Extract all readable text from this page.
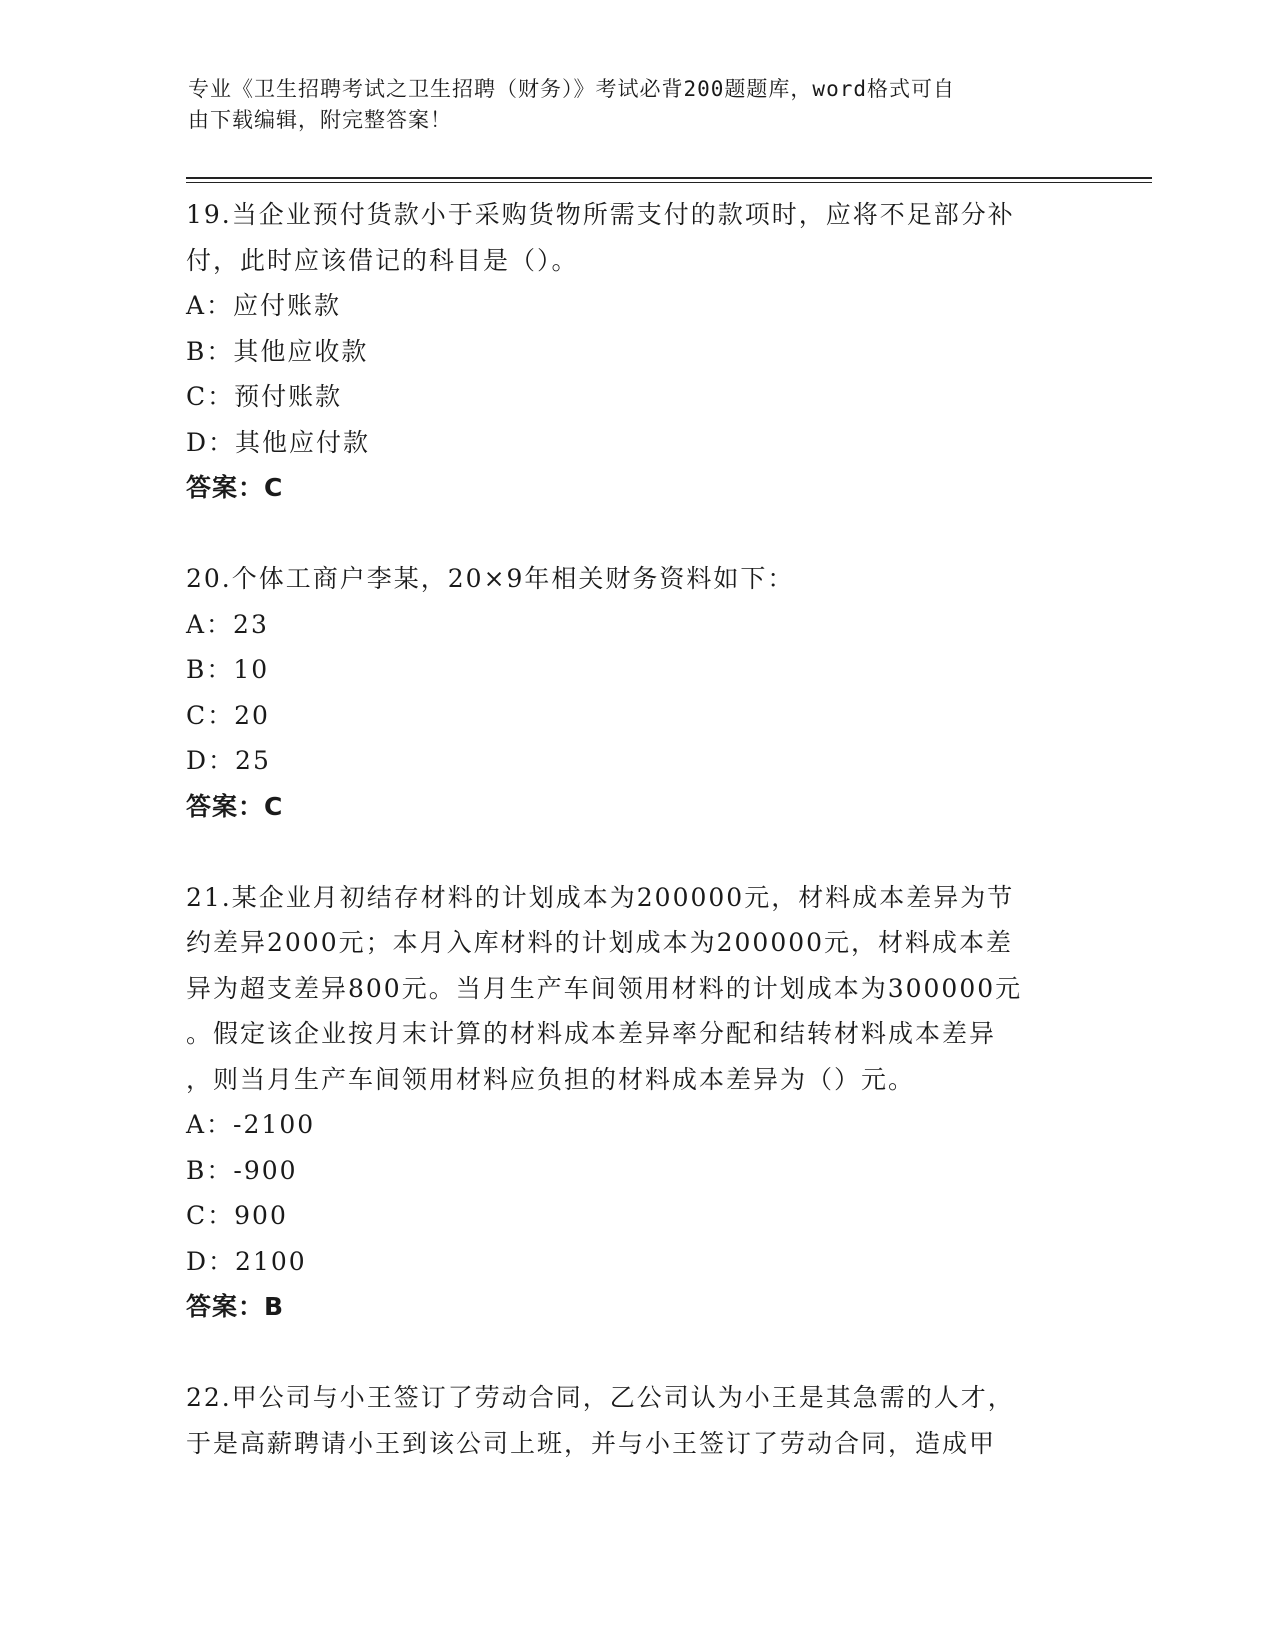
专业《卫生招聘考试之卫生招聘（财务）》考试必背200题题库，word格式可自
由下载编辑，附完整答案！
19.当企业预付货款小于采购货物所需支付的款项时，应将不足部分补
付，此时应该借记的科目是（）。
A：应付账款
B：其他应收款
C：预付账款
D：其他应付款
答案：C
20.个体工商户李某，20×9年相关财务资料如下：
A：23
B：10
C：20
D：25
答案：C
21.某企业月初结存材料的计划成本为200000元，材料成本差异为节
约差异2000元；本月入库材料的计划成本为200000元，材料成本差
异为超支差异800元。当月生产车间领用材料的计划成本为300000元
。假定该企业按月末计算的材料成本差异率分配和结转材料成本差异
，则当月生产车间领用材料应负担的材料成本差异为（）元。
A：-2100
B：-900
C：900
D：2100
答案：B
22.甲公司与小王签订了劳动合同，乙公司认为小王是其急需的人才，
于是高薪聘请小王到该公司上班，并与小王签订了劳动合同，造成甲
